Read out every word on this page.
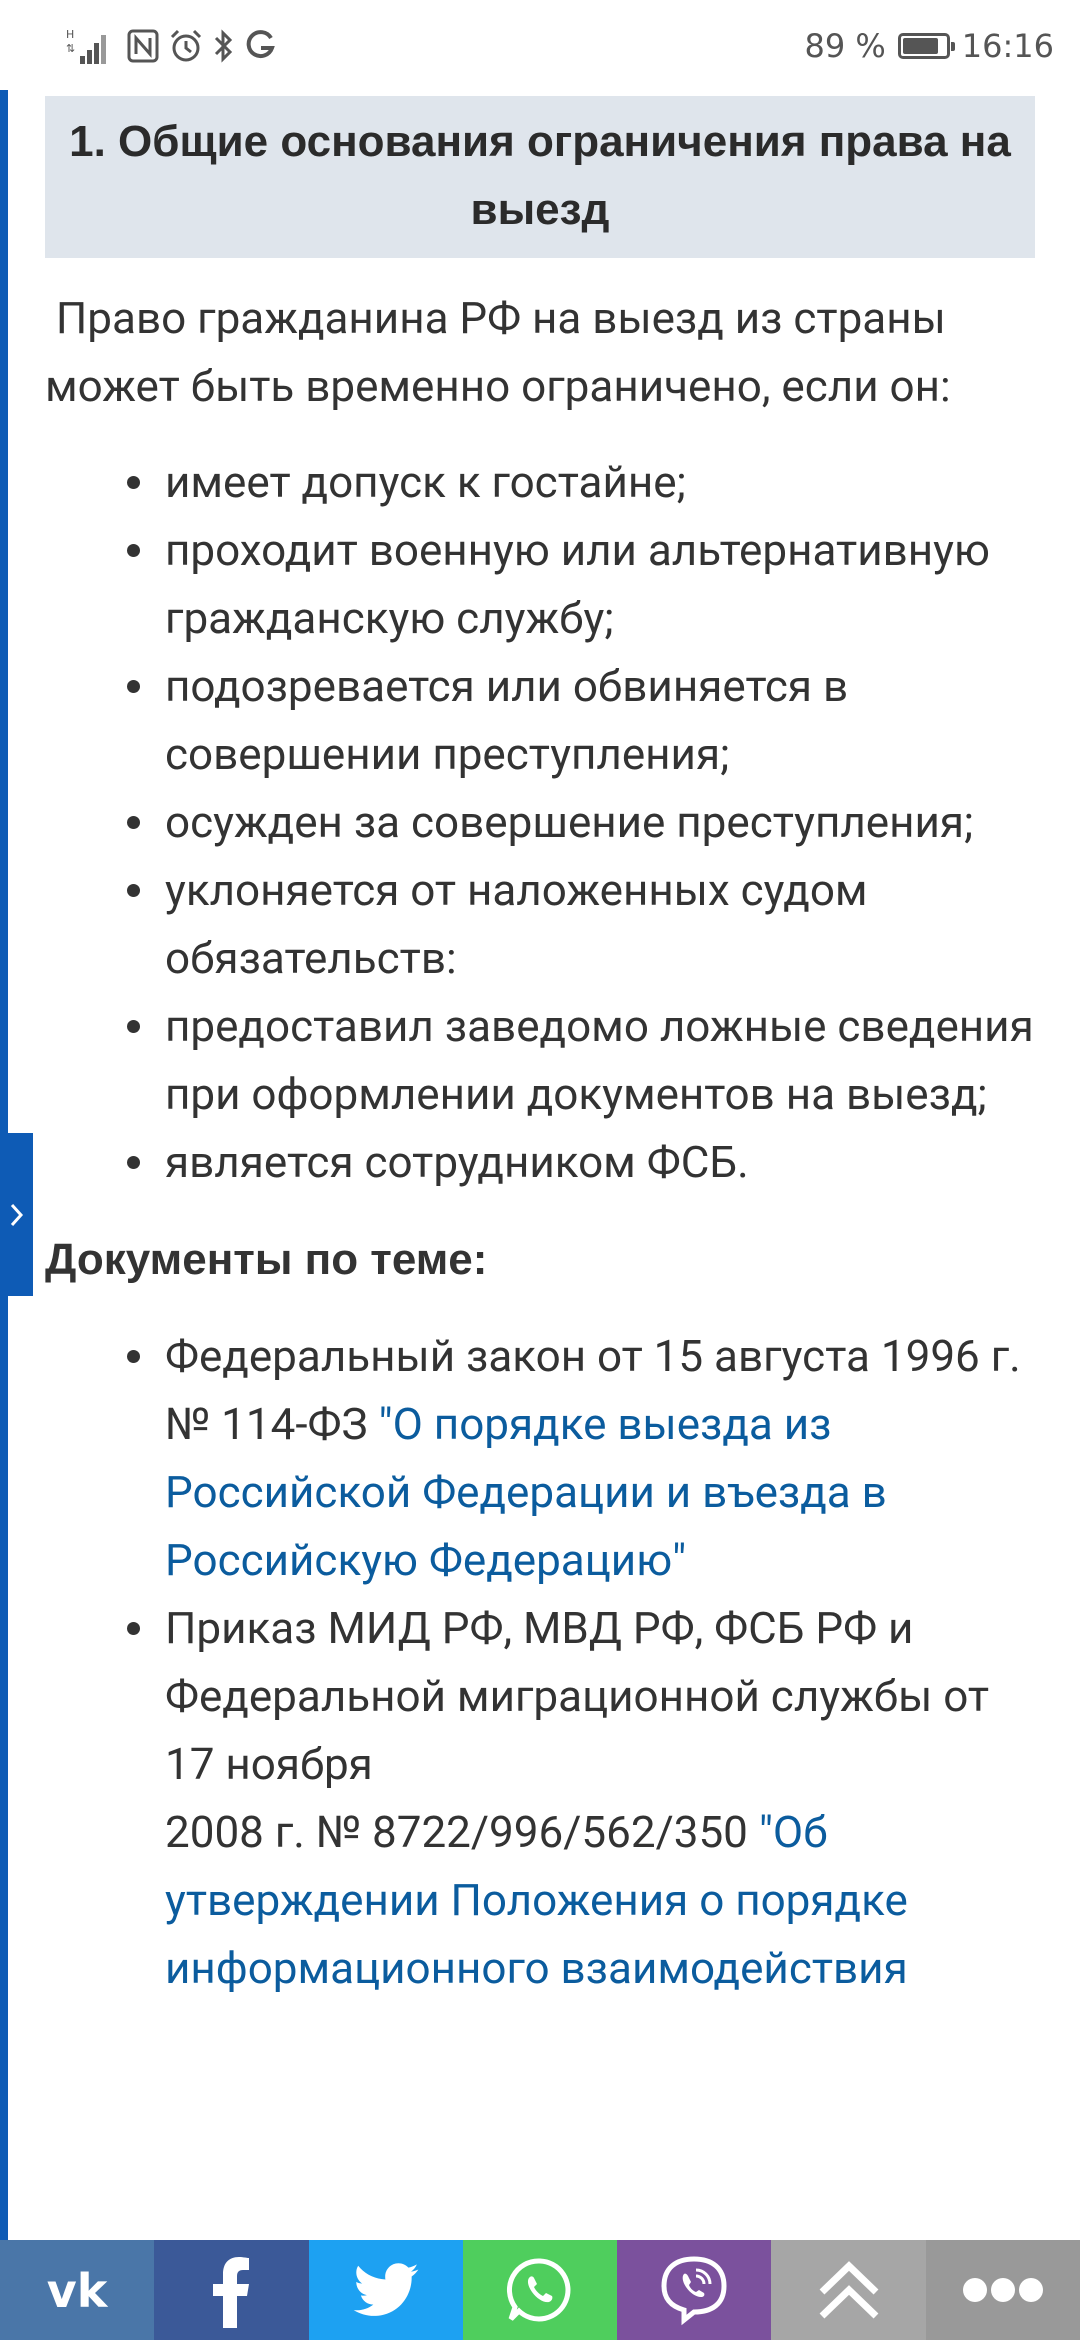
H
⇅	89 % 16:16
1. Общие основания ограничения права на выезд

Право гражданина РФ на выезд из страны может быть временно ограничено, если он:

имеет допуск к гостайне;
проходит военную или альтернативную гражданскую службу;
подозревается или обвиняется в совершении преступления;
осужден за совершение преступления;
уклоняется от наложенных судом обязательств:
предоставил заведомо ложные сведения при оформлении документов на выезд;
является сотрудником ФСБ.
Документы по теме:
Федеральный закон от 15 августа 1996 г. № 114-ФЗ "О порядке выезда из Российской Федерации и въезда в Российскую Федерацию"
Приказ МИД РФ, МВД РФ, ФСБ РФ и Федеральной миграционной службы от 17 ноября
2008 г. № 8722/996/562/350 "Об утверждении Положения о порядке информационного взаимодействия
vk
